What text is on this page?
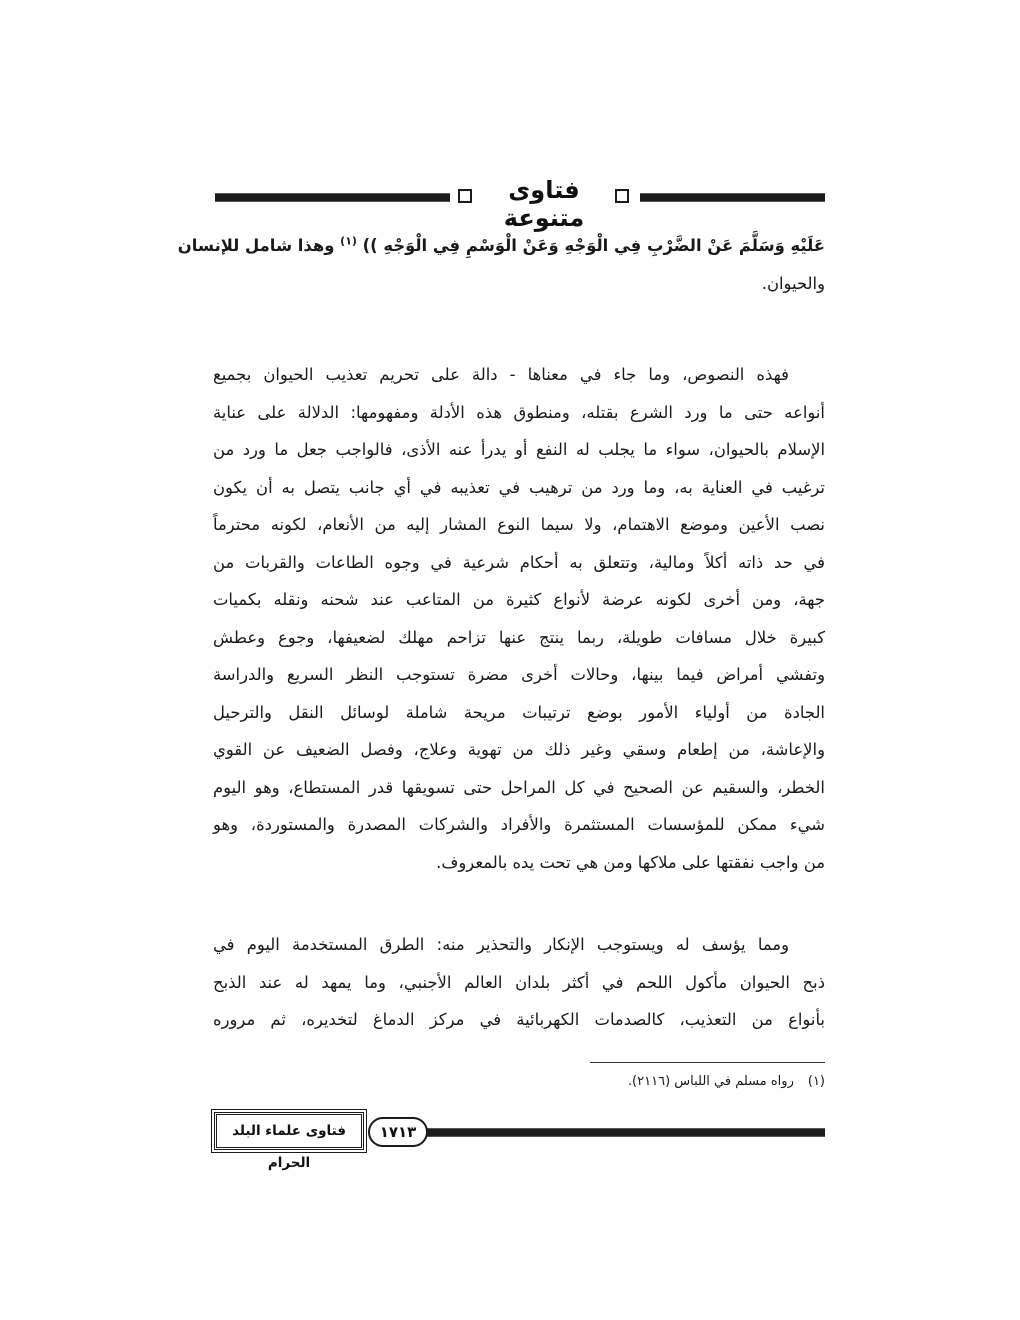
فتاوى متنوعة
عَلَيْهِ وَسَلَّمَ عَنْ الضَّرْبِ فِي الْوَجْهِ وَعَنْ الْوَسْمِ فِي الْوَجْهِ )) $^{(١)}$ وهذا شامل للإنسان
والحيوان.
فهذه النصوص، وما جاء في معناها - دالة على تحريم تعذيب الحيوان بجميع
أنواعه حتى ما ورد الشرع بقتله، ومنطوق هذه الأدلة ومفهومها: الدلالة على عناية
الإسلام بالحيوان، سواء ما يجلب له النفع أو يدرأ عنه الأذى، فالواجب جعل ما ورد من
ترغيب في العناية به، وما ورد من ترهيب في تعذيبه في أي جانب يتصل به أن يكون
نصب الأعين وموضع الاهتمام، ولا سيما النوع المشار إليه من الأنعام، لكونه محترماً
في حد ذاته أكلاً ومالية، وتتعلق به أحكام شرعية في وجوه الطاعات والقربات من
جهة، ومن أخرى لكونه عرضة لأنواع كثيرة من المتاعب عند شحنه ونقله بكميات
كبيرة خلال مسافات طويلة، ربما ينتج عنها تزاحم مهلك لضعيفها، وجوع وعطش
وتفشي أمراض فيما بينها، وحالات أخرى مضرة تستوجب النظر السريع والدراسة
الجادة من أولياء الأمور بوضع ترتيبات مريحة شاملة لوسائل النقل والترحيل
والإعاشة، من إطعام وسقي وغير ذلك من تهوية وعلاج، وفصل الضعيف عن القوي
الخطر، والسقيم عن الصحيح في كل المراحل حتى تسويقها قدر المستطاع، وهو اليوم
شيء ممكن للمؤسسات المستثمرة والأفراد والشركات المصدرة والمستوردة، وهو
من واجب نفقتها على ملاكها ومن هي تحت يده بالمعروف.
ومما يؤسف له ويستوجب الإنكار والتحذير منه: الطرق المستخدمة اليوم في
ذبح الحيوان مأكول اللحم في أكثر بلدان العالم الأجنبي، وما يمهد له عند الذبح
بأنواع من التعذيب، كالصدمات الكهربائية في مركز الدماغ لتخديره، ثم مروره
(١)رواه مسلم في اللباس (٢١١٦).
١٧١٣
فتاوى علماء البلد الحرام
